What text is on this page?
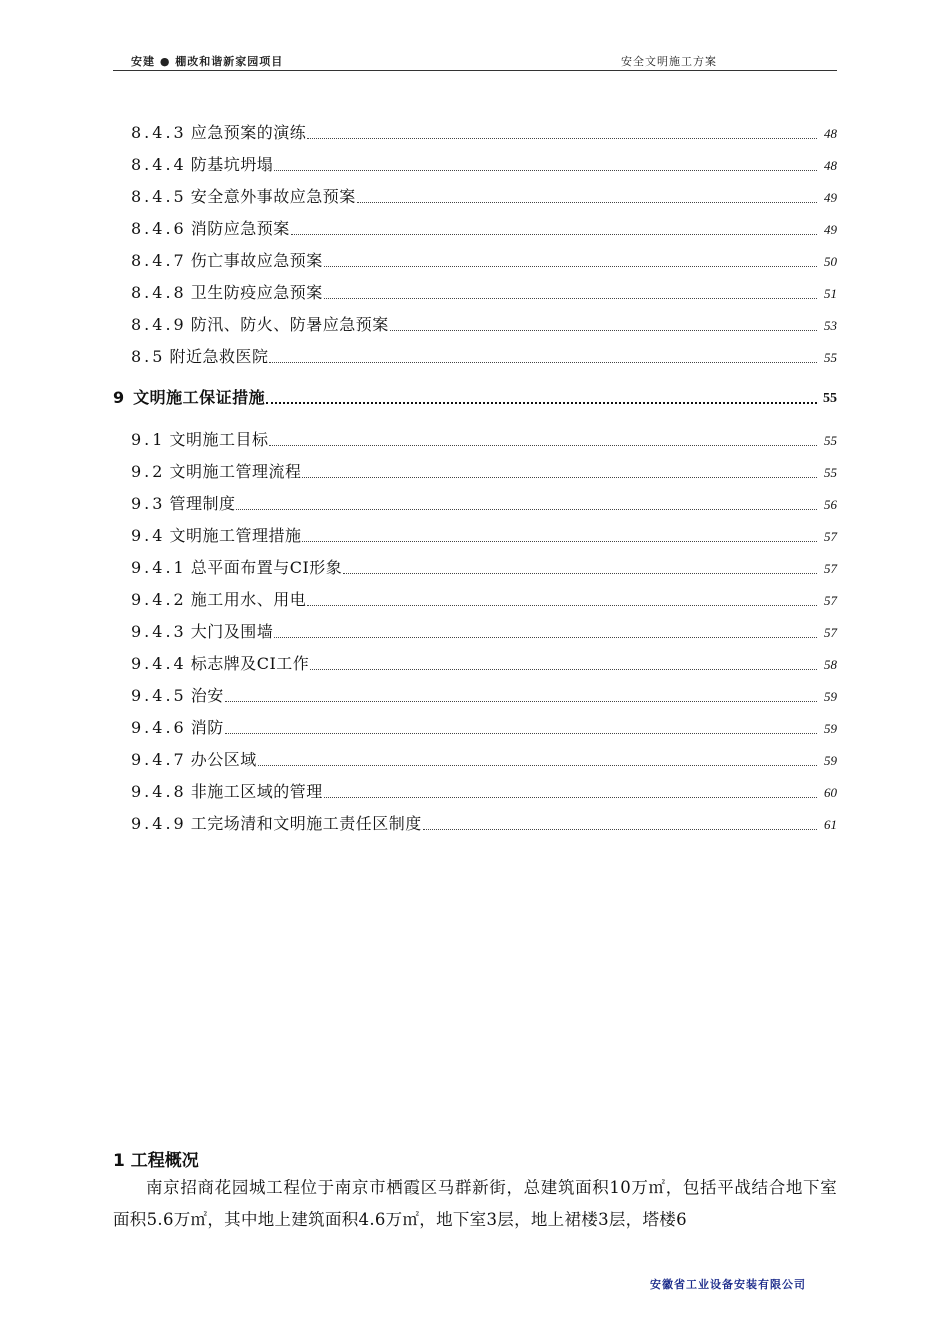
安建 ● 棚改和谐新家园项目	安全文明施工方案
8.4.3 应急预案的演练	48
8.4.4 防基坑坍塌	48
8.4.5 安全意外事故应急预案	49
8.4.6 消防应急预案	49
8.4.7 伤亡事故应急预案	50
8.4.8 卫生防疫应急预案	51
8.4.9 防汛、防火、防暑应急预案	53
8.5 附近急救医院	55
9 文明施工保证措施	55
9.1 文明施工目标	55
9.2 文明施工管理流程	55
9.3 管理制度	56
9.4 文明施工管理措施	57
9.4.1 总平面布置与CI形象	57
9.4.2 施工用水、用电	57
9.4.3 大门及围墙	57
9.4.4 标志牌及CI工作	58
9.4.5 治安	59
9.4.6 消防	59
9.4.7 办公区域	59
9.4.8 非施工区域的管理	60
9.4.9 工完场清和文明施工责任区制度	61
1 工程概况

南京招商花园城工程位于南京市栖霞区马群新街，总建筑面积10万㎡，包括平战结合地下室面积5.6万㎡，其中地上建筑面积4.6万㎡，地下室3层，地上裙楼3层，塔楼6

安徽省工业设备安装有限公司
